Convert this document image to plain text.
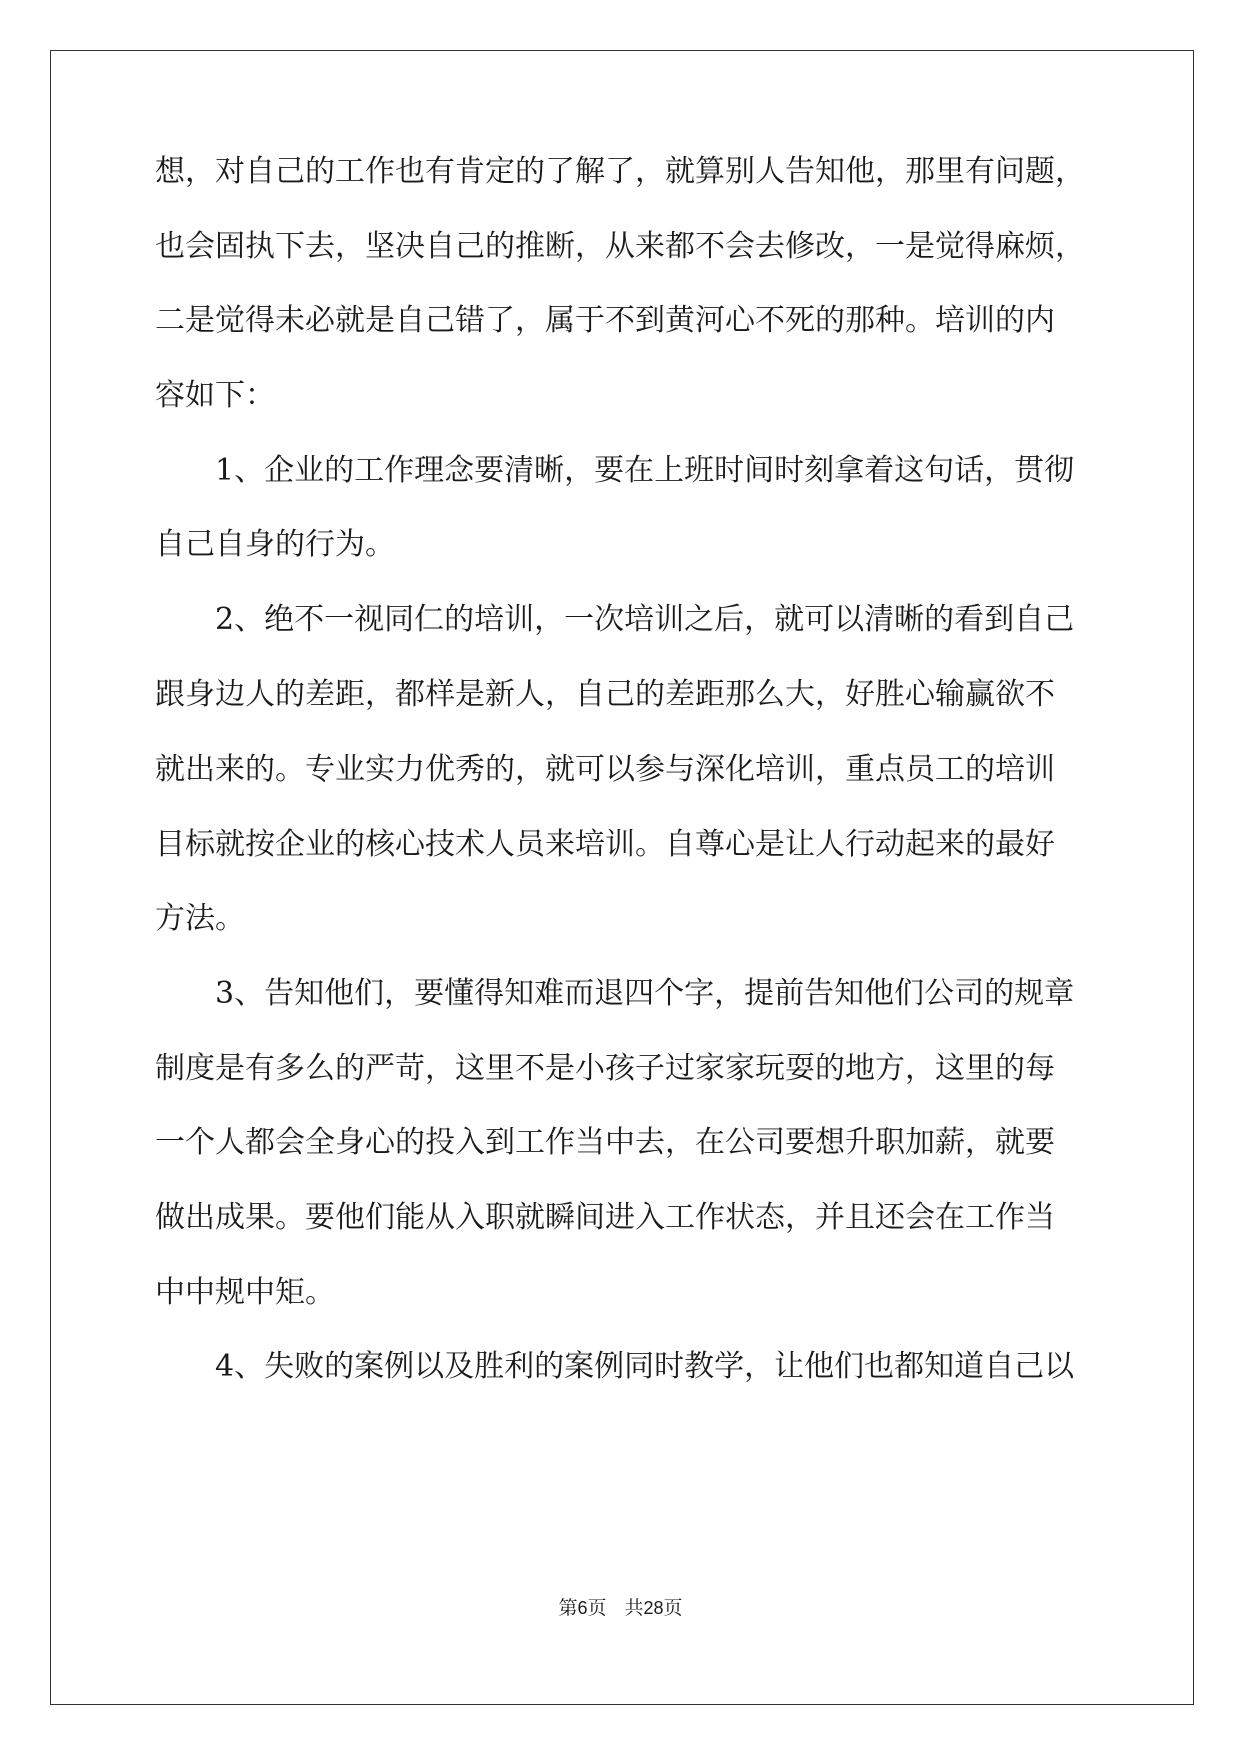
想，对自己的工作也有肯定的了解了，就算别人告知他，那里有问题，
也会固执下去，坚决自己的推断，从来都不会去修改，一是觉得麻烦，
二是觉得未必就是自己错了，属于不到黄河心不死的那种。培训的内
容如下：
　　1、企业的工作理念要清晰，要在上班时间时刻拿着这句话，贯彻
自己自身的行为。
　　2、绝不一视同仁的培训，一次培训之后，就可以清晰的看到自己
跟身边人的差距，都样是新人，自己的差距那么大，好胜心输赢欲不
就出来的。专业实力优秀的，就可以参与深化培训，重点员工的培训
目标就按企业的核心技术人员来培训。自尊心是让人行动起来的最好
方法。
　　3、告知他们，要懂得知难而退四个字，提前告知他们公司的规章
制度是有多么的严苛，这里不是小孩子过家家玩耍的地方，这里的每
一个人都会全身心的投入到工作当中去，在公司要想升职加薪，就要
做出成果。要他们能从入职就瞬间进入工作状态，并且还会在工作当
中中规中矩。
　　4、失败的案例以及胜利的案例同时教学，让他们也都知道自己以
第6页 共28页
